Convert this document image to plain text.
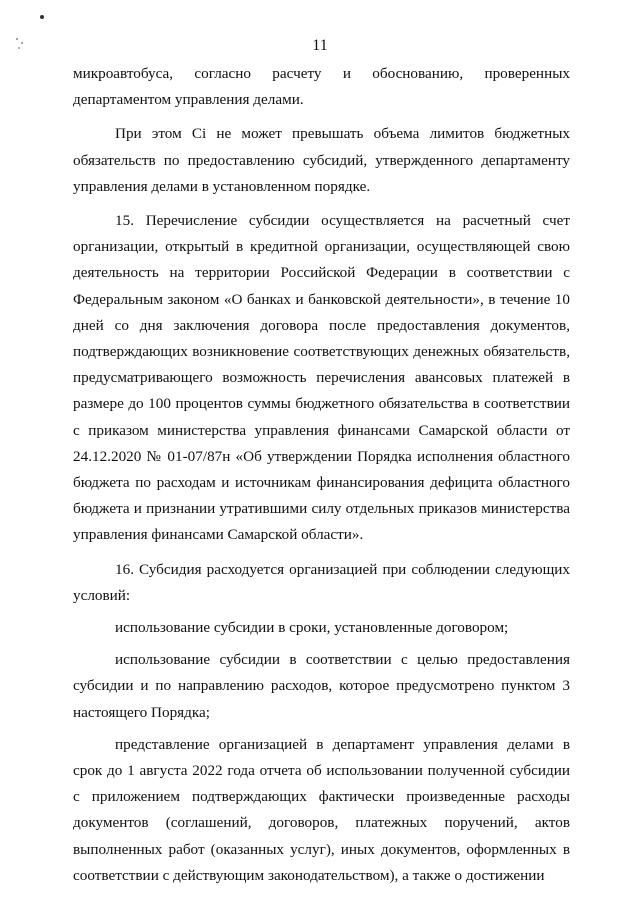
11

микроавтобуса, согласно расчету и обоснованию, проверенных
департаментом управления делами.

При этом Ci не может превышать объема лимитов бюджетных обязательств по предоставлению субсидий, утвержденного департаменту управления делами в установленном порядке.

15. Перечисление субсидии осуществляется на расчетный счет организации, открытый в кредитной организации, осуществляющей свою деятельность на территории Российской Федерации в соответствии с Федеральным законом «О банках и банковской деятельности», в течение 10 дней со дня заключения договора после предоставления документов, подтверждающих возникновение соответствующих денежных обязательств, предусматривающего возможность перечисления авансовых платежей в размере до 100 процентов суммы бюджетного обязательства в соответствии с приказом министерства управления финансами Самарской области от 24.12.2020 № 01-07/87н «Об утверждении Порядка исполнения областного бюджета по расходам и источникам финансирования дефицита областного бюджета и признании утратившими силу отдельных приказов министерства управления финансами Самарской области».

16. Субсидия расходуется организацией при соблюдении следующих условий:

использование субсидии в сроки, установленные договором;

использование субсидии в соответствии с целью предоставления субсидии и по направлению расходов, которое предусмотрено пунктом 3 настоящего Порядка;

представление организацией в департамент управления делами в срок до 1 августа 2022 года отчета об использовании полученной субсидии с приложением подтверждающих фактически произведенные расходы документов (соглашений, договоров, платежных поручений, актов выполненных работ (оказанных услуг), иных документов, оформленных в соответствии с действующим законодательством), а также о достижении
